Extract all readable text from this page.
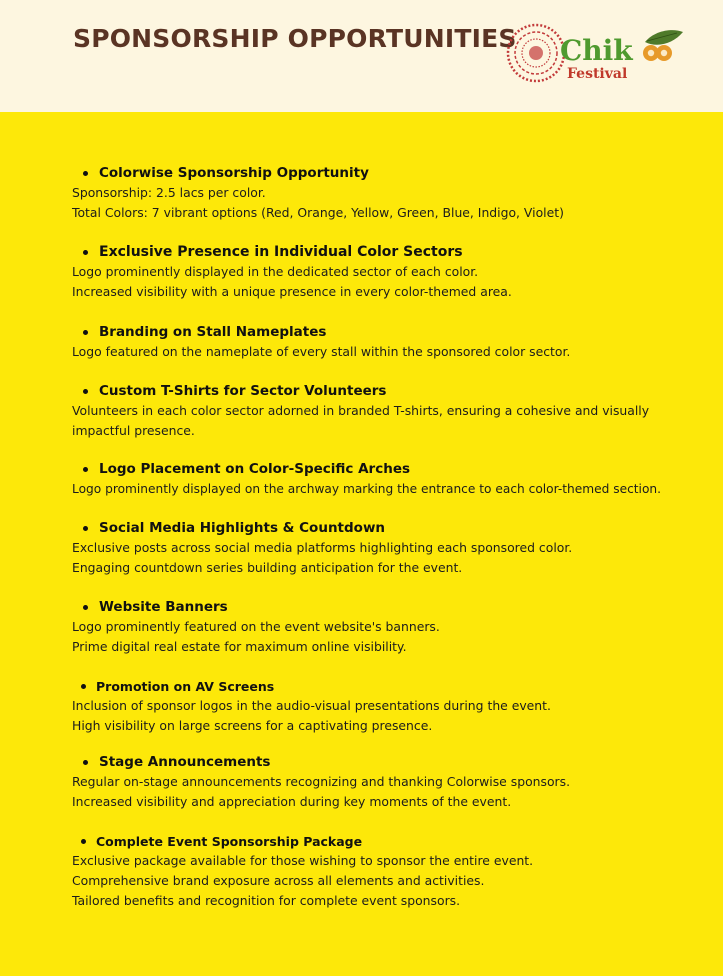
SPONSORSHIP OPPORTUNITIES Chik
Festival
Colorwise Sponsorship Opportunity
Sponsorship: 2.5 lacs per color.
Total Colors: 7 vibrant options (Red, Orange, Yellow, Green, Blue, Indigo, Violet)
Exclusive Presence in Individual Color Sectors
Logo prominently displayed in the dedicated sector of each color.
Increased visibility with a unique presence in every color-themed area.
Branding on Stall Nameplates
Logo featured on the nameplate of every stall within the sponsored color sector.
Custom T-Shirts for Sector Volunteers
Volunteers in each color sector adorned in branded T-shirts, ensuring a cohesive and visually
impactful presence.
Logo Placement on Color-Specific Arches
Logo prominently displayed on the archway marking the entrance to each color-themed section.
Social Media Highlights & Countdown
Exclusive posts across social media platforms highlighting each sponsored color.
Engaging countdown series building anticipation for the event.
Website Banners
Logo prominently featured on the event website's banners.
Prime digital real estate for maximum online visibility.
Promotion on AV Screens
Inclusion of sponsor logos in the audio-visual presentations during the event.
High visibility on large screens for a captivating presence.
Stage Announcements
Regular on-stage announcements recognizing and thanking Colorwise sponsors.
Increased visibility and appreciation during key moments of the event.
Complete Event Sponsorship Package
Exclusive package available for those wishing to sponsor the entire event.
Comprehensive brand exposure across all elements and activities.
Tailored benefits and recognition for complete event sponsors.
